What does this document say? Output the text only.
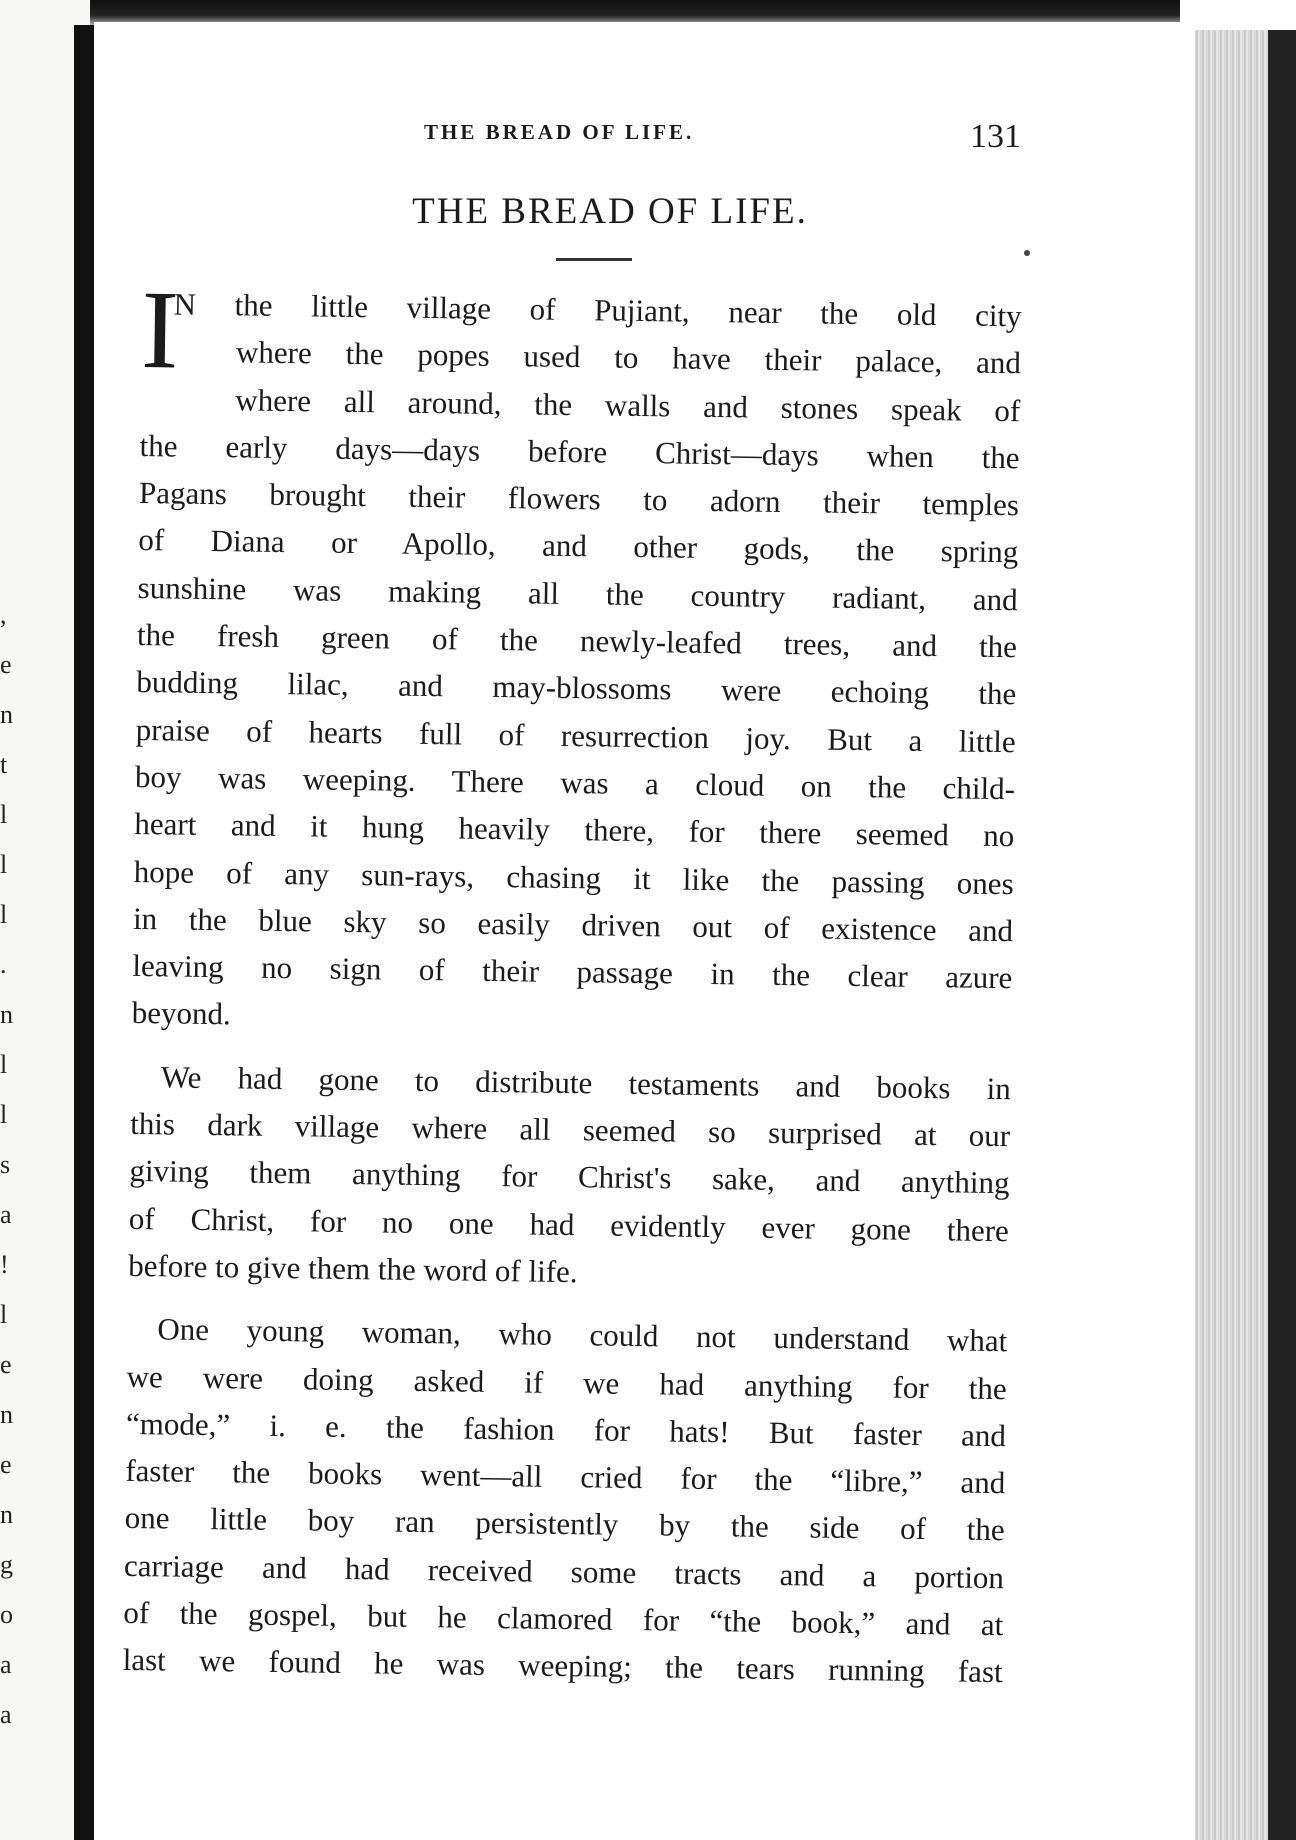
,
e
n
t
l
l
l
.
n
l
l
s
a
!
l
e
n
e
n
g
o
a
a
THE BREAD OF LIFE.	131
THE BREAD OF LIFE.
I
N the little village of Pujiant, near the old city
where the popes used to have their palace, and
where all around, the walls and stones speak of
the early days—days before Christ—days when the
Pagans brought their flowers to adorn their temples
of Diana or Apollo, and other gods, the spring
sunshine was making all the country radiant, and
the fresh green of the newly-leafed trees, and the
budding lilac, and may-blossoms were echoing the
praise of hearts full of resurrection joy. But a little
boy was weeping. There was a cloud on the child-
heart and it hung heavily there, for there seemed no
hope of any sun-rays, chasing it like the passing ones
in the blue sky so easily driven out of existence and
leaving no sign of their passage in the clear azure
beyond.
We had gone to distribute testaments and books in
this dark village where all seemed so surprised at our
giving them anything for Christ's sake, and anything
of Christ, for no one had evidently ever gone there
before to give them the word of life.
One young woman, who could not understand what
we were doing asked if we had anything for the
“mode,” i. e. the fashion for hats! But faster and
faster the books went—all cried for the “libre,” and
one little boy ran persistently by the side of the
carriage and had received some tracts and a portion
of the gospel, but he clamored for “the book,” and at
last we found he was weeping; the tears running fast
